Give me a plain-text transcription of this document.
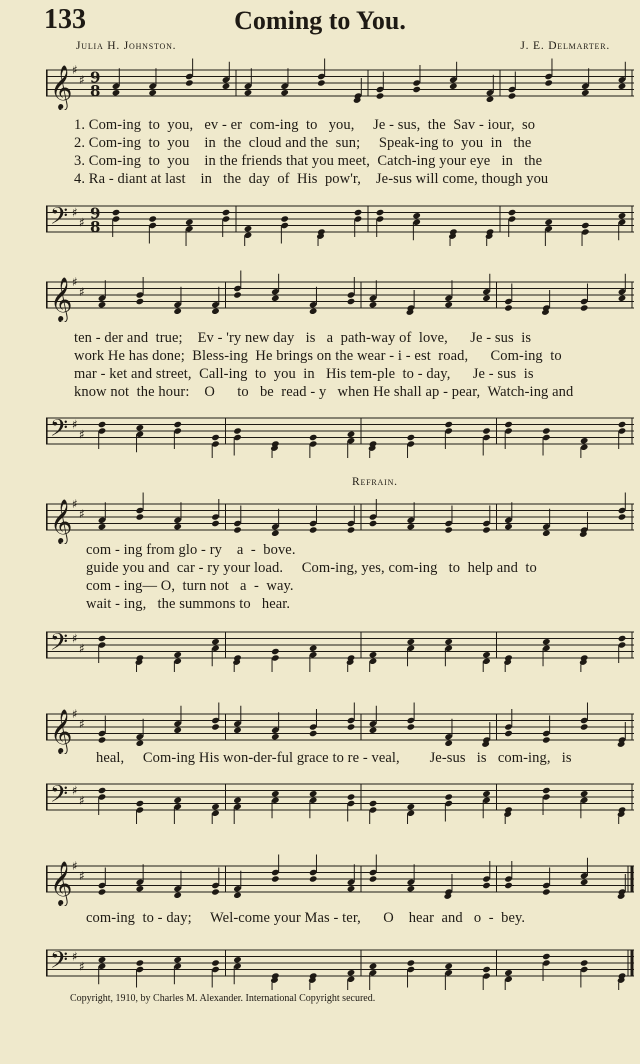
133	Coming to You.
Julia H. Johnston.	J. E. Delmarter.
𝄞 ♯
♯ 9
8
1. Com-ing  to  you,   ev - er  com-ing  to   you,     Je - sus,  the  Sav - iour,  so
2. Com-ing  to  you    in  the  cloud and the  sun;     Speak-ing to  you  in   the
3. Com-ing  to  you    in the friends that you meet,  Catch-ing your eye   in   the
4. Ra - diant at last    in   the  day  of  His  pow'r,    Je-sus will come, though you
𝄢 ♯
♯ 9
8
𝄞 ♯
♯
ten - der and  true;    Ev - 'ry new day   is   a  path-way of  love,      Je - sus  is
work He has done;  Bless-ing  He brings on the wear - i - est  road,      Com-ing  to
mar - ket and street,  Call-ing  to  you  in   His tem-ple  to - day,      Je - sus  is
know not  the hour:    O      to   be  read - y   when He shall ap - pear,  Watch-ing and
𝄢 ♯
♯
Refrain.
𝄞 ♯
♯
com - ing from glo - ry    a  -  bove.
guide you and  car - ry your load.     Com-ing, yes, com-ing   to  help and  to
com - ing— O,  turn not   a  -  way.
wait - ing,   the summons to   hear.
𝄢 ♯
♯
𝄞 ♯
♯
heal,     Com-ing His won-der-ful grace to re - veal,        Je-sus   is   com-ing,   is
𝄢 ♯
♯
𝄞 ♯
♯
com-ing  to - day;     Wel-come your Mas - ter,      O    hear  and   o  -  bey.
𝄢 ♯
♯
Copyright, 1910, by Charles M. Alexander. International Copyright secured.
